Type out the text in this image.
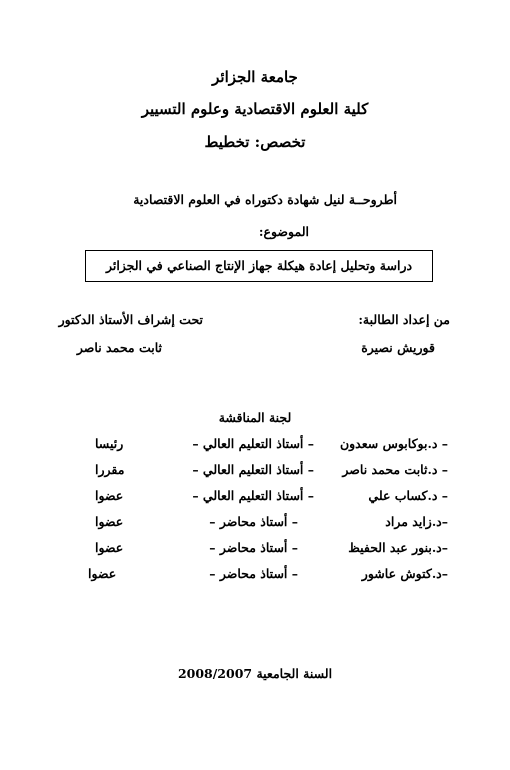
جامعة الجزائر
كلية العلوم الاقتصادية وعلوم التسيير
تخصص: تخطيط
أطروحــة لنيل شهادة دكتوراه في العلوم الاقتصادية
الموضوع:
دراسة وتحليل إعادة هيكلة جهاز الإنتاج الصناعي في الجزائر
من إعداد الطالبة:
قوريش نصيرة
تحت إشراف الأستاذ الدكتور
ثابت محمد ناصر
لجنة المناقشة
– د.بوكابوس سعدون
– أستاذ التعليم العالي –
رئيسا
– د.ثابت محمد ناصر
– أستاذ التعليم العالي –
مقررا
– د.كساب علي
– أستاذ التعليم العالي –
عضوا
–د.زايد مراد
– أستاذ محاضر –
عضوا
–د.بنور عبد الحفيظ
– أستاذ محاضر –
عضوا
–د.كتوش عاشور
– أستاذ محاضر –
عضوا
السنة الجامعية 2008/2007
